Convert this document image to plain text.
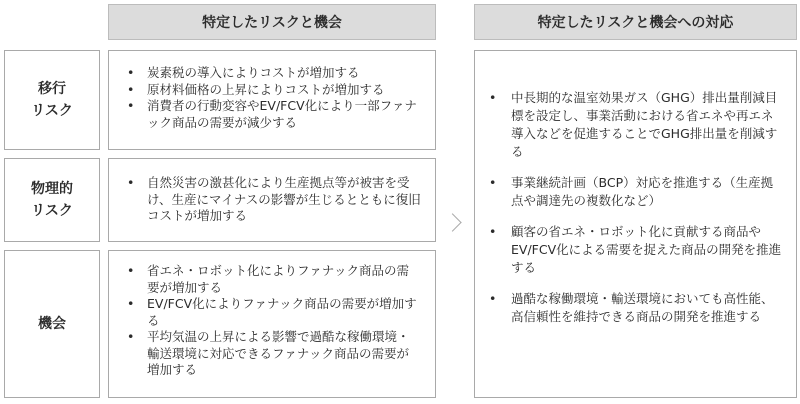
特定したリスクと機会	特定したリスクと機会への対応
移行
リスク
• 炭素税の導入によりコストが増加する
• 原材料価格の上昇によりコストが増加する
• 消費者の行動変容やEV/FCV化により一部ファナック商品の需要が減少する
物理的
リスク
• 自然災害の激甚化により生産拠点等が被害を受け、生産にマイナスの影響が生じるとともに復旧コストが増加する
機会
• 省エネ・ロボット化によりファナック商品の需要が増加する
• EV/FCV化によりファナック商品の需要が増加する
• 平均気温の上昇による影響で過酷な稼働環境・輸送環境に対応できるファナック商品の需要が増加する
• 中長期的な温室効果ガス（GHG）排出量削減目標を設定し、事業活動における省エネや再エネ導入などを促進することでGHG排出量を削減する
• 事業継続計画（BCP）対応を推進する（生産拠点や調達先の複数化など）
• 顧客の省エネ・ロボット化に貢献する商品やEV/FCV化による需要を捉えた商品の開発を推進する
• 過酷な稼働環境・輸送環境においても高性能、高信頼性を維持できる商品の開発を推進する
